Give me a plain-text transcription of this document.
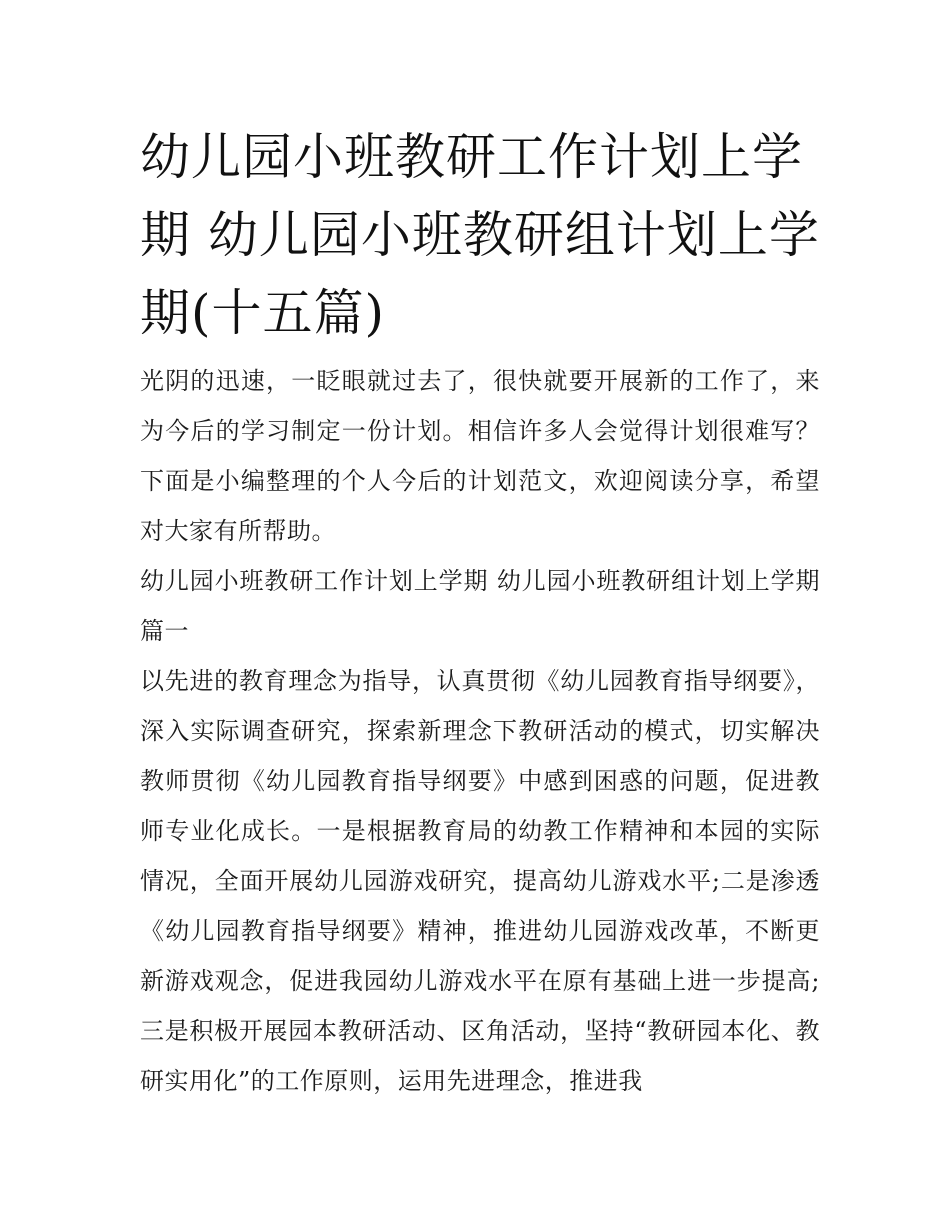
幼儿园小班教研工作计划上学期 幼儿园小班教研组计划上学期(十五篇)

光阴的迅速，一眨眼就过去了，很快就要开展新的工作了，来为今后的学习制定一份计划。相信许多人会觉得计划很难写？下面是小编整理的个人今后的计划范文，欢迎阅读分享，希望对大家有所帮助。

幼儿园小班教研工作计划上学期 幼儿园小班教研组计划上学期篇一

以先进的教育理念为指导，认真贯彻《幼儿园教育指导纲要》，深入实际调查研究，探索新理念下教研活动的模式，切实解决教师贯彻《幼儿园教育指导纲要》中感到困惑的问题，促进教师专业化成长。一是根据教育局的幼教工作精神和本园的实际情况，全面开展幼儿园游戏研究，提高幼儿游戏水平;二是渗透《幼儿园教育指导纲要》精神，推进幼儿园游戏改革，不断更新游戏观念，促进我园幼儿游戏水平在原有基础上进一步提高;三是积极开展园本教研活动、区角活动，坚持“教研园本化、教研实用化”的工作原则，运用先进理念，推进我
